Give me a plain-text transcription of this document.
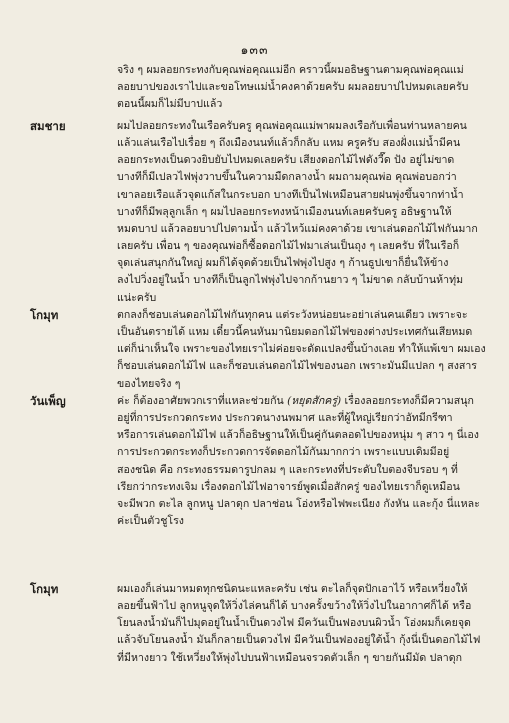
๑๓๓
จริง ๆ ผมลอยกระทงกับคุณพ่อคุณแม่อีก คราวนี้ผมอธิษฐานตามคุณพ่อคุณแม่
ลอยบาปของเราไปและขอโทษแม่น้ำคงคาด้วยครับ ผมลอยบาปไปหมดเลยครับ
ตอนนี้ผมก็ไม่มีบาปแล้ว
สมชาย	ผมไปลอยกระทงในเรือครับครู คุณพ่อคุณแม่พาผมลงเรือกับเพื่อนท่านหลายคน
แล้วแล่นเรือไปเรื่อย ๆ ถึงเมืองนนท์แล้วก็กลับ แหม ครูครับ สองฝั่งแม่น้ำมีคน
ลอยกระทงเป็นดวงยิบยับไปหมดเลยครับ เสียงดอกไม้ไฟดังวี๊ด ปัง อยู่ไม่ขาด
บางทีก็มีเปลวไฟพุ่งวาบขึ้นในความมืดกลางน้ำ ผมถามคุณพ่อ คุณพ่อบอกว่า
เขาลอยเรือแล้วจุดแก้สในกระบอก บางทีเป็นไฟเหมือนสายฝนพุ่งขึ้นจากท่าน้ำ
บางทีก็มีพลุลูกเล็ก ๆ ผมไปลอยกระทงหน้าเมืองนนท์เลยครับครู อธิษฐานให้
หมดบาป แล้วลอยบาปไปตามน้ำ แล้วไหว้แม่คงคาด้วย เขาเล่นดอกไม้ไฟกันมาก
เลยครับ เพื่อน ๆ ของคุณพ่อก็ซื้อดอกไม้ไฟมาเล่นเป็นถุง ๆ เลยครับ ที่ในเรือก็
จุดเล่นสนุกกันใหญ่ ผมก็ได้จุดด้วยเป็นไฟพุ่งไปสูง ๆ ก้านธูปเขาก็ยื่นให้ข้าง
ลงไปวิ่งอยู่ในน้ำ บางทีก็เป็นลูกไฟพุ่งไปจากก้านยาว ๆ ไม่ขาด กลับบ้านห้าทุ่ม
แน่ะครับ
โกมุท	ตกลงก็ชอบเล่นดอกไม้ไฟกันทุกคน แต่ระวังหน่อยนะอย่าเล่นคนเดียว เพราะจะ
เป็นอันตรายได้ แหม เดี๋ยวนี้คนหันมานิยมดอกไม้ไฟของต่างประเทศกันเสียหมด
แต่ก็น่าเห็นใจ เพราะของไทยเราไม่ค่อยจะดัดแปลงขึ้นบ้างเลย ทำให้แพ้เขา ผมเอง
ก็ชอบเล่นดอกไม้ไฟ และก็ชอบเล่นดอกไม้ไฟของนอก เพราะมันมีแปลก ๆ สงสาร
ของไทยจริง ๆ
วันเพ็ญ	ค่ะ ก็ต้องอาศัยพวกเราที่แหละช่วยกัน (หยุดสักครู่) เรื่องลอยกระทงก็มีความสนุก
อยู่ที่การประกวดกระทง ประกวดนางนพมาศ และที่ผู้ใหญ่เรียกว่าอัทมีกรีฑา
หรือการเล่นดอกไม้ไฟ แล้วก็อธิษฐานให้เป็นคู่กันตลอดไปของหนุ่ม ๆ สาว ๆ นี่เอง
การประกวดกระทงก็ประกวดการจัดดอกไม้กันมากกว่า เพราะแบบเดิมมีอยู่
สองชนิด คือ กระทงธรรมดารูปกลม ๆ และกระทงที่ประดับใบตองจีบรอบ ๆ ที่
เรียกว่ากระทงเจิม เรื่องดอกไม้ไฟอาจารย์พูดเมื่อสักครู่ ของไทยเราก็ดูเหมือน
จะมีพวก ตะไล ลูกหนู ปลาดุก ปลาช่อน โอ่งหรือไฟพะเนียง กังหัน และกุ้ง นี่แหละ
ค่ะเป็นตัวชูโรง
โกมุท	ผมเองก็เล่นมาหมดทุกชนิดนะแหละครับ เช่น ตะไลก็จุดปักเอาไว้ หรือเหวี่ยงให้
ลอยขึ้นฟ้าไป ลูกหนูจุดให้วิ่งไล่คนก็ได้ บางครั้งขว้างให้วิ่งไปในอากาศก็ได้ หรือ
โยนลงน้ำมันก็ไปมุดอยู่ในน้ำเป็นดวงไฟ มีควันเป็นฟองบนผิวน้ำ โอ่งผมก็เคยจุด
แล้วจับโยนลงน้ำ มันก็กลายเป็นดวงไฟ มีควันเป็นฟองอยู่ใต้น้ำ กุ้งนี่เป็นดอกไม้ไฟ
ที่มีหางยาว ใช้เหวี่ยงให้พุ่งไปบนฟ้าเหมือนจรวดตัวเล็ก ๆ ขายกันมีมัด ปลาดุก
